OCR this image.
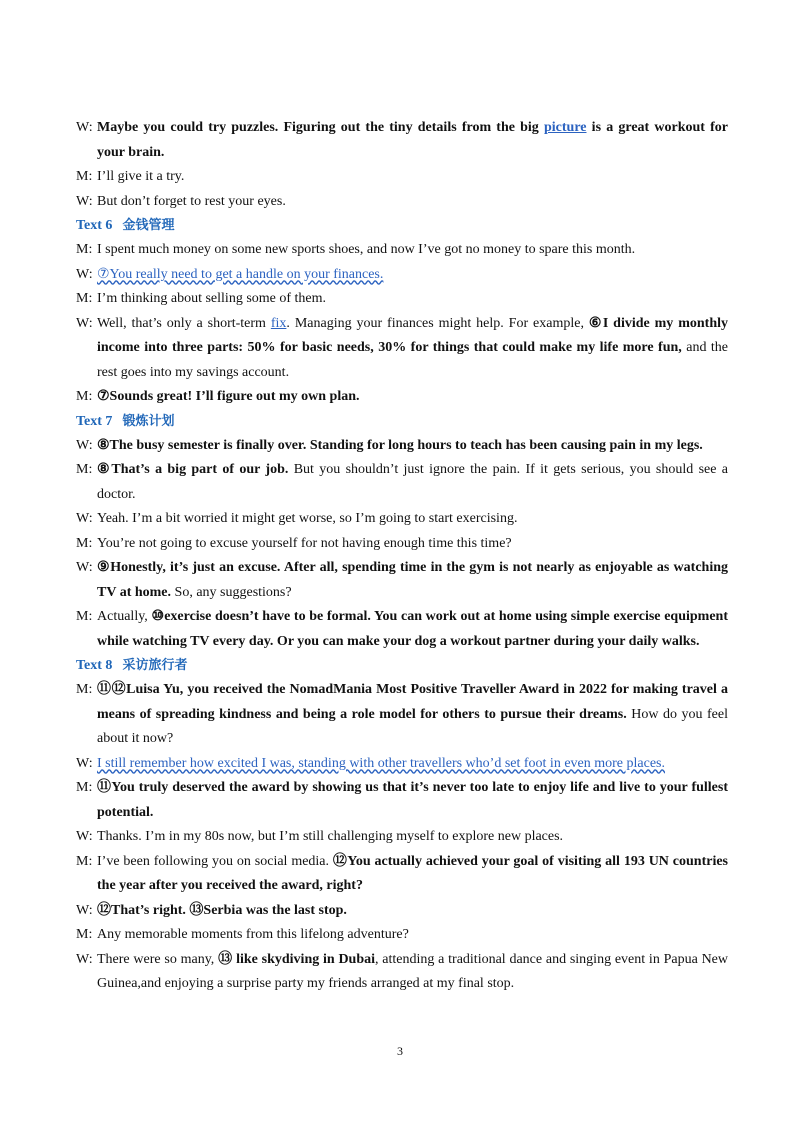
W: Maybe you could try puzzles. Figuring out the tiny details from the big picture is a great workout for your brain.

M: I’ll give it a try.

W: But don’t forget to rest your eyes.

Text 6 金钱管理

M: I spent much money on some new sports shoes, and now I’ve got no money to spare this month.

W: ⑦You really need to get a handle on your finances.

M: I’m thinking about selling some of them.

W: Well, that’s only a short-term fix. Managing your finances might help. For example, ⑥I divide my monthly income into three parts: 50% for basic needs, 30% for things that could make my life more fun, and the rest goes into my savings account.

M: ⑦Sounds great! I’ll figure out my own plan.

Text 7 锻炼计划

W: ⑧The busy semester is finally over. Standing for long hours to teach has been causing pain in my legs.

M: ⑧That’s a big part of our job. But you shouldn’t just ignore the pain. If it gets serious, you should see a doctor.

W: Yeah. I’m a bit worried it might get worse, so I’m going to start exercising.

M: You’re not going to excuse yourself for not having enough time this time?

W: ⑨Honestly, it’s just an excuse. After all, spending time in the gym is not nearly as enjoyable as watching TV at home. So, any suggestions?

M: Actually, ⑩exercise doesn’t have to be formal. You can work out at home using simple exercise equipment while watching TV every day. Or you can make your dog a workout partner during your daily walks.

Text 8 采访旅行者

M: ⑪⑫Luisa Yu, you received the NomadMania Most Positive Traveller Award in 2022 for making travel a means of spreading kindness and being a role model for others to pursue their dreams. How do you feel about it now?

W: I still remember how excited I was, standing with other travellers who’d set foot in even more places.

M: ⑪You truly deserved the award by showing us that it’s never too late to enjoy life and live to your fullest potential.

W: Thanks. I’m in my 80s now, but I’m still challenging myself to explore new places.

M: I’ve been following you on social media. ⑫You actually achieved your goal of visiting all 193 UN countries the year after you received the award, right?

W: ⑫That’s right. ⑬Serbia was the last stop.

M: Any memorable moments from this lifelong adventure?

W: There were so many, ⑬ like skydiving in Dubai, attending a traditional dance and singing event in Papua New Guinea,and enjoying a surprise party my friends arranged at my final stop.

3
